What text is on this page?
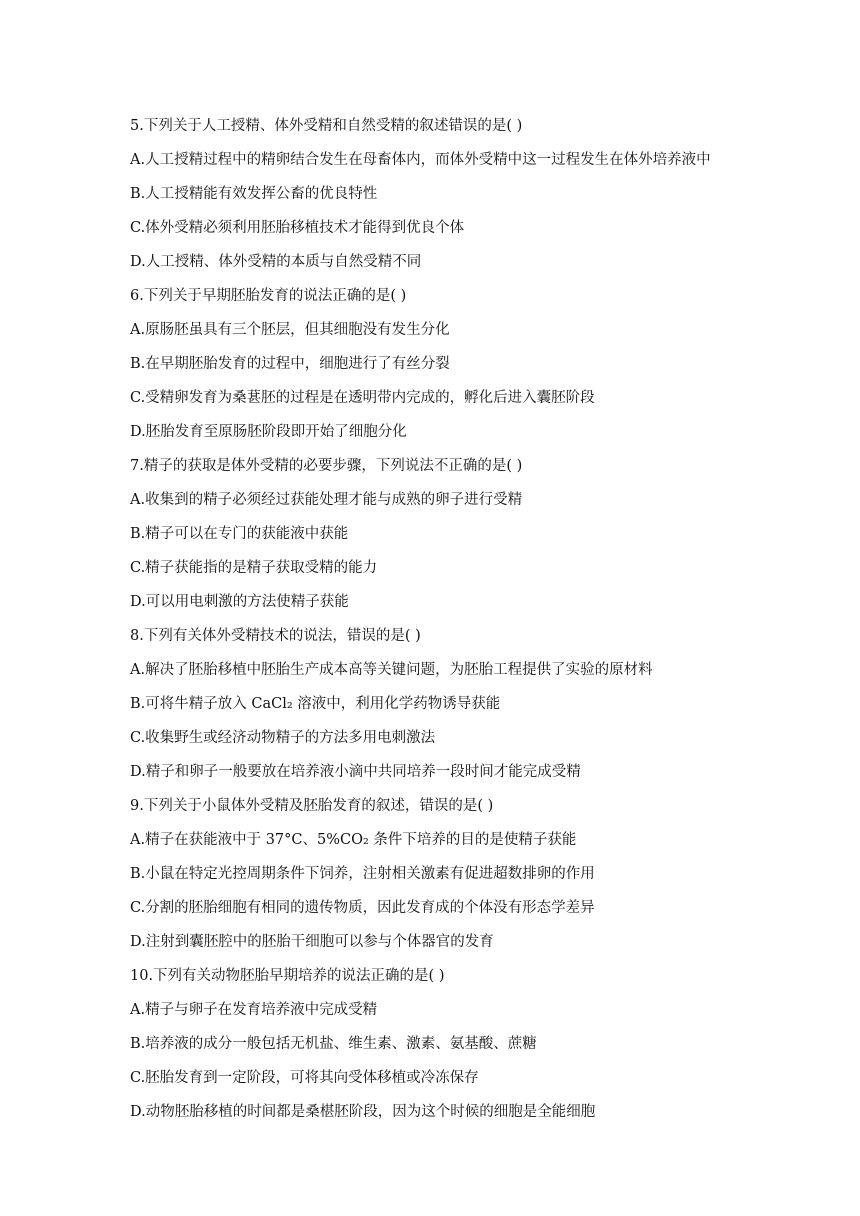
5.下列关于人工授精、体外受精和自然受精的叙述错误的是( )
A.人工授精过程中的精卵结合发生在母畜体内，而体外受精中这一过程发生在体外培养液中
B.人工授精能有效发挥公畜的优良特性
C.体外受精必须利用胚胎移植技术才能得到优良个体
D.人工授精、体外受精的本质与自然受精不同
6.下列关于早期胚胎发育的说法正确的是( )
A.原肠胚虽具有三个胚层，但其细胞没有发生分化
B.在早期胚胎发育的过程中，细胞进行了有丝分裂
C.受精卵发育为桑葚胚的过程是在透明带内完成的，孵化后进入囊胚阶段
D.胚胎发育至原肠胚阶段即开始了细胞分化
7.精子的获取是体外受精的必要步骤，下列说法不正确的是( )
A.收集到的精子必须经过获能处理才能与成熟的卵子进行受精
B.精子可以在专门的获能液中获能
C.精子获能指的是精子获取受精的能力
D.可以用电刺激的方法使精子获能
8.下列有关体外受精技术的说法，错误的是( )
A.解决了胚胎移植中胚胎生产成本高等关键问题，为胚胎工程提供了实验的原材料
B.可将牛精子放入 CaCl₂ 溶液中，利用化学药物诱导获能
C.收集野生或经济动物精子的方法多用电刺激法
D.精子和卵子一般要放在培养液小滴中共同培养一段时间才能完成受精
9.下列关于小鼠体外受精及胚胎发育的叙述，错误的是( )
A.精子在获能液中于 37°C、5%CO₂ 条件下培养的目的是使精子获能
B.小鼠在特定光控周期条件下饲养，注射相关激素有促进超数排卵的作用
C.分割的胚胎细胞有相同的遗传物质，因此发育成的个体没有形态学差异
D.注射到囊胚腔中的胚胎干细胞可以参与个体器官的发育
10.下列有关动物胚胎早期培养的说法正确的是( )
A.精子与卵子在发育培养液中完成受精
B.培养液的成分一般包括无机盐、维生素、激素、氨基酸、蔗糖
C.胚胎发育到一定阶段，可将其向受体移植或冷冻保存
D.动物胚胎移植的时间都是桑椹胚阶段，因为这个时候的细胞是全能细胞
